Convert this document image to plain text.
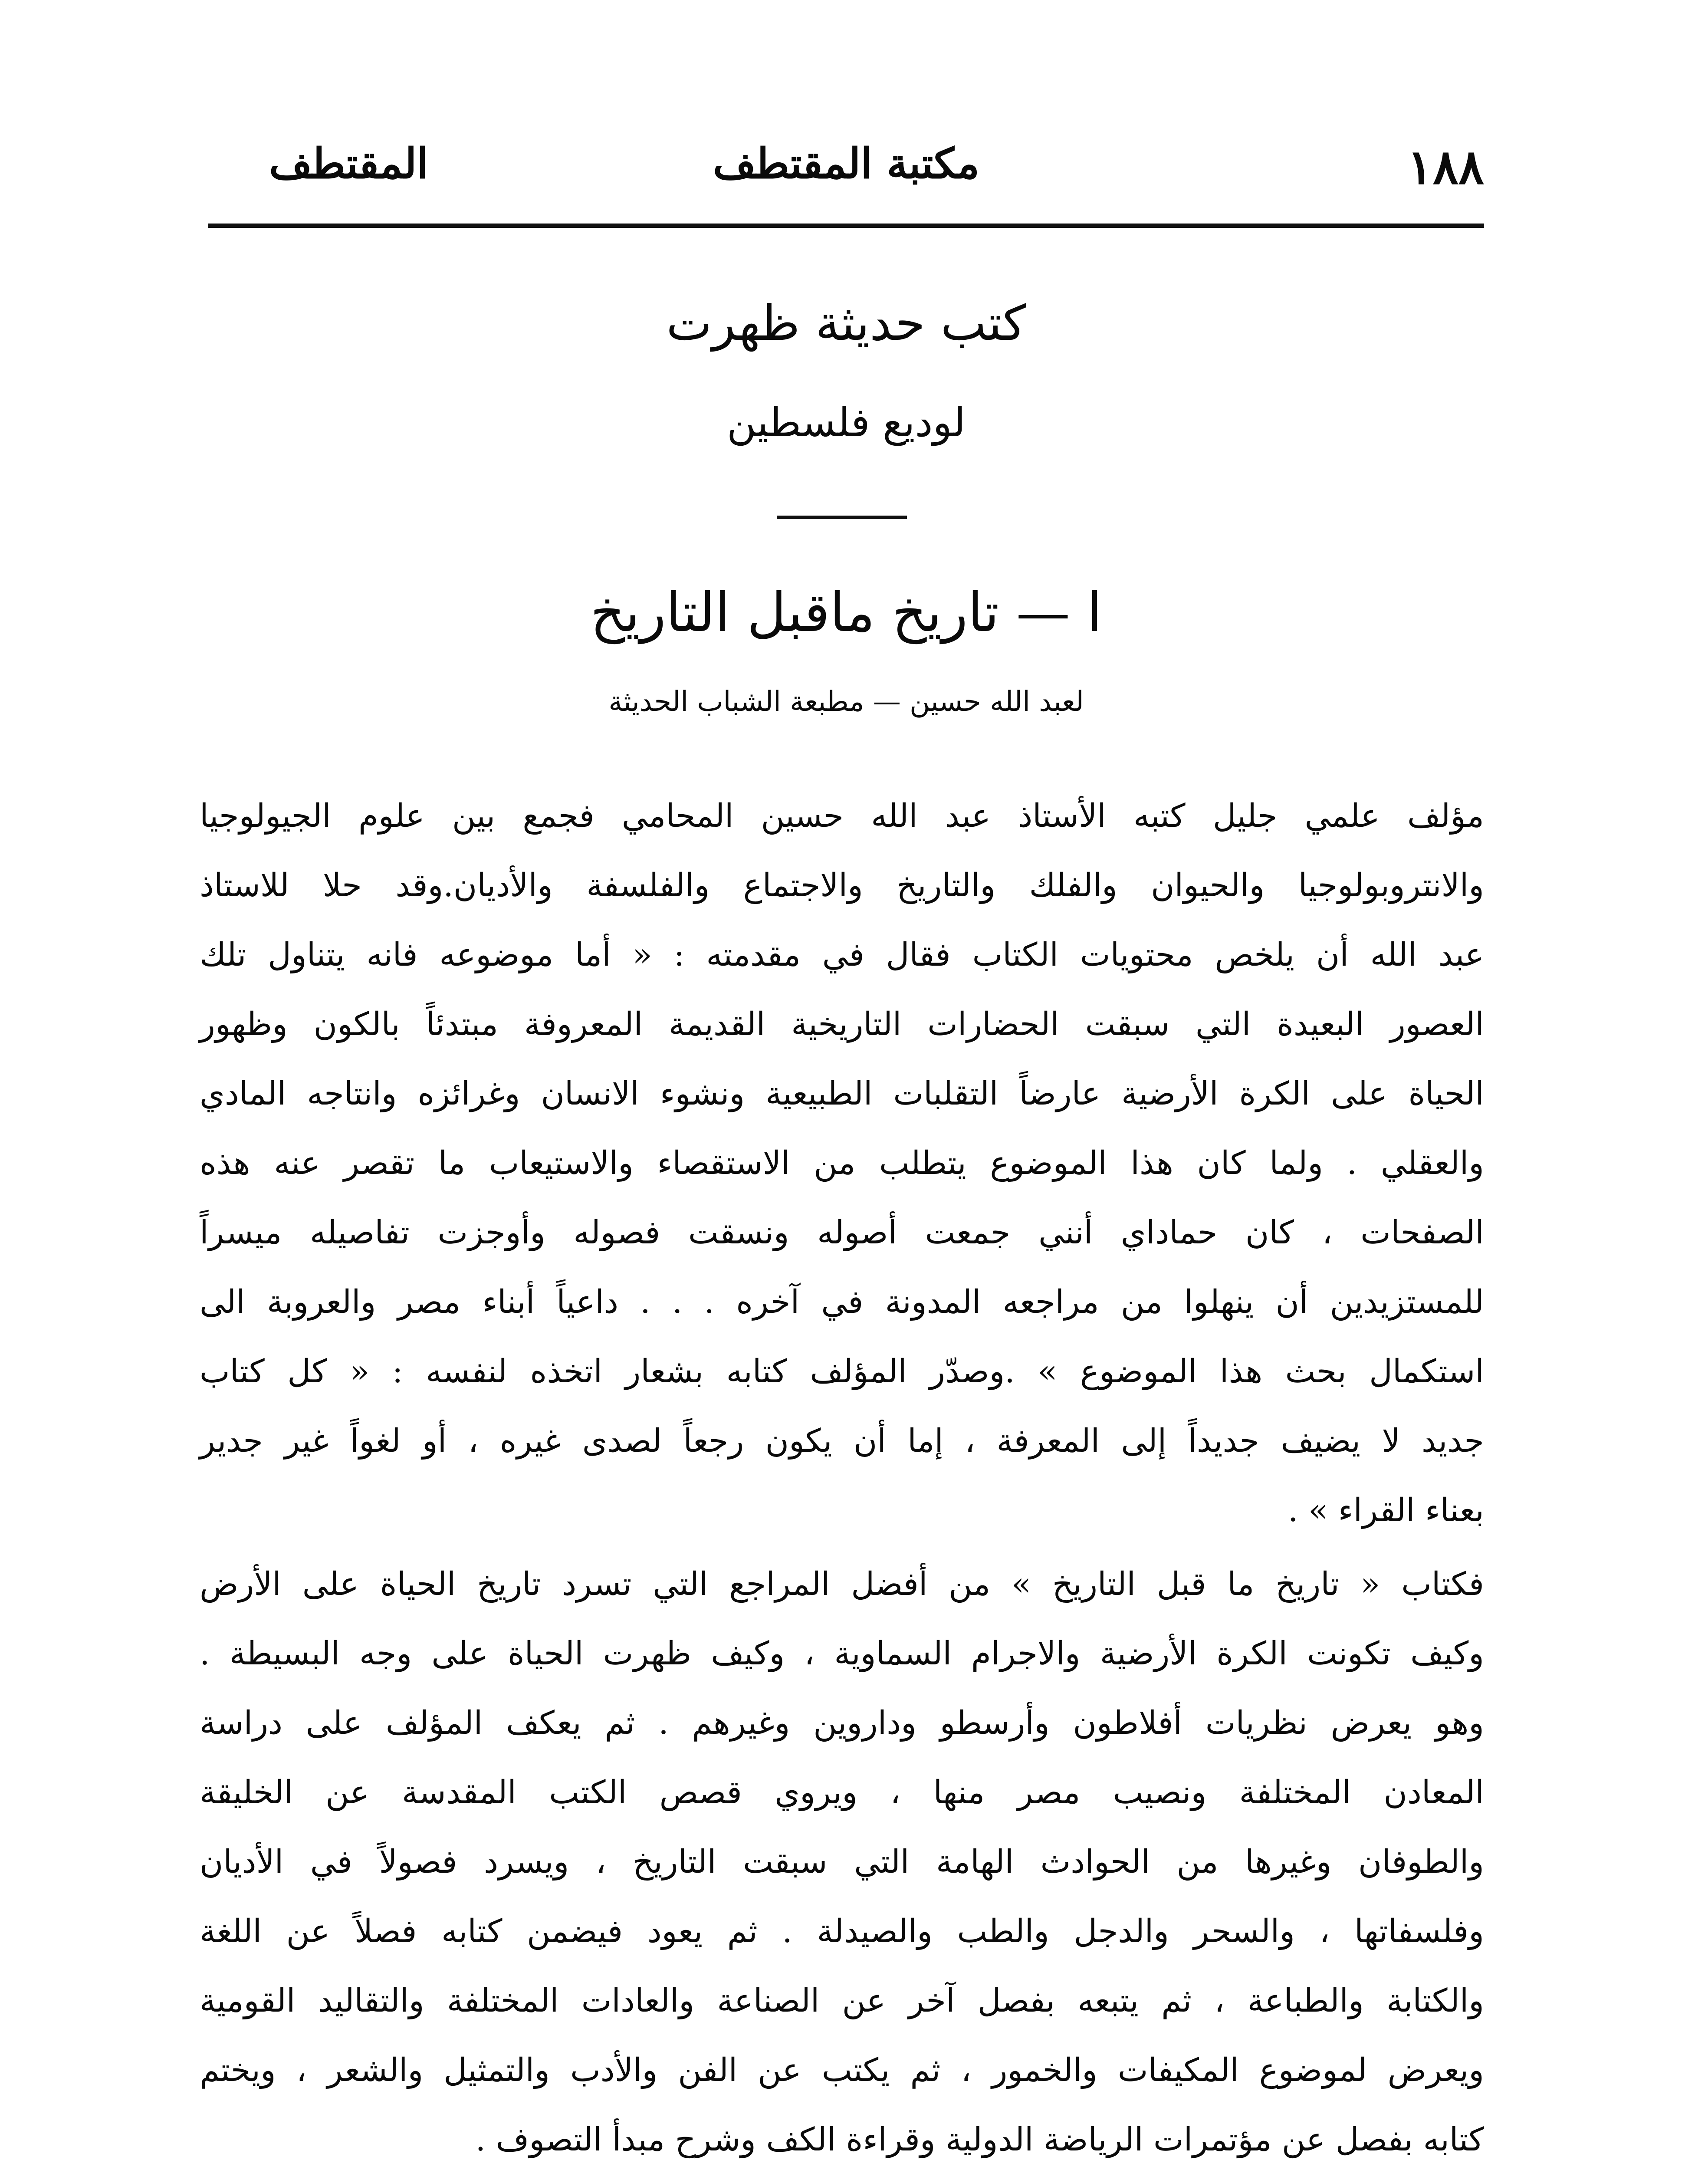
١٨٨
مكتبة المقتطف
المقتطف
كتب حديثة ظهرت
لوديع فلسطين
ا — تاريخ ماقبل التاريخ
لعبد الله حسين — مطبعة الشباب الحديثة
مؤلف علمي جليل كتبه الأستاذ عبد الله حسين المحامي فجمع بين علوم الجيولوجيا
والانتروبولوجيا والحيوان والفلك والتاريخ والاجتماع والفلسفة والأديان.وقد حلا للاستاذ
عبد الله أن يلخص محتويات الكتاب فقال في مقدمته : « أما موضوعه فانه يتناول تلك
العصور البعيدة التي سبقت الحضارات التاريخية القديمة المعروفة مبتدئاً بالكون وظهور
الحياة على الكرة الأرضية عارضاً التقلبات الطبيعية ونشوء الانسان وغرائزه وانتاجه المادي
والعقلي . ولما كان هذا الموضوع يتطلب من الاستقصاء والاستيعاب ما تقصر عنه هذه
الصفحات ، كان حماداي أنني جمعت أصوله ونسقت فصوله وأوجزت تفاصيله ميسراً
للمستزيدين أن ينهلوا من مراجعه المدونة في آخره . . . داعياً أبناء مصر والعروبة الى
استكمال بحث هذا الموضوع » .وصدّر المؤلف كتابه بشعار اتخذه لنفسه : « كل كتاب
جديد لا يضيف جديداً إلى المعرفة ، إما أن يكون رجعاً لصدى غيره ، أو لغواً غير جدير
بعناء القراء » .
فكتاب « تاريخ ما قبل التاريخ » من أفضل المراجع التي تسرد تاريخ الحياة على الأرض
وكيف تكونت الكرة الأرضية والاجرام السماوية ، وكيف ظهرت الحياة على وجه البسيطة .
وهو يعرض نظريات أفلاطون وأرسطو وداروين وغيرهم . ثم يعكف المؤلف على دراسة
المعادن المختلفة ونصيب مصر منها ، ويروي قصص الكتب المقدسة عن الخليقة
والطوفان وغيرها من الحوادث الهامة التي سبقت التاريخ ، ويسرد فصولاً في الأديان
وفلسفاتها ، والسحر والدجل والطب والصيدلة . ثم يعود فيضمن كتابه فصلاً عن اللغة
والكتابة والطباعة ، ثم يتبعه بفصل آخر عن الصناعة والعادات المختلفة والتقاليد القومية
ويعرض لموضوع المكيفات والخمور ، ثم يكتب عن الفن والأدب والتمثيل والشعر ، ويختم
كتابه بفصل عن مؤتمرات الرياضة الدولية وقراءة الكف وشرح مبدأ التصوف .
